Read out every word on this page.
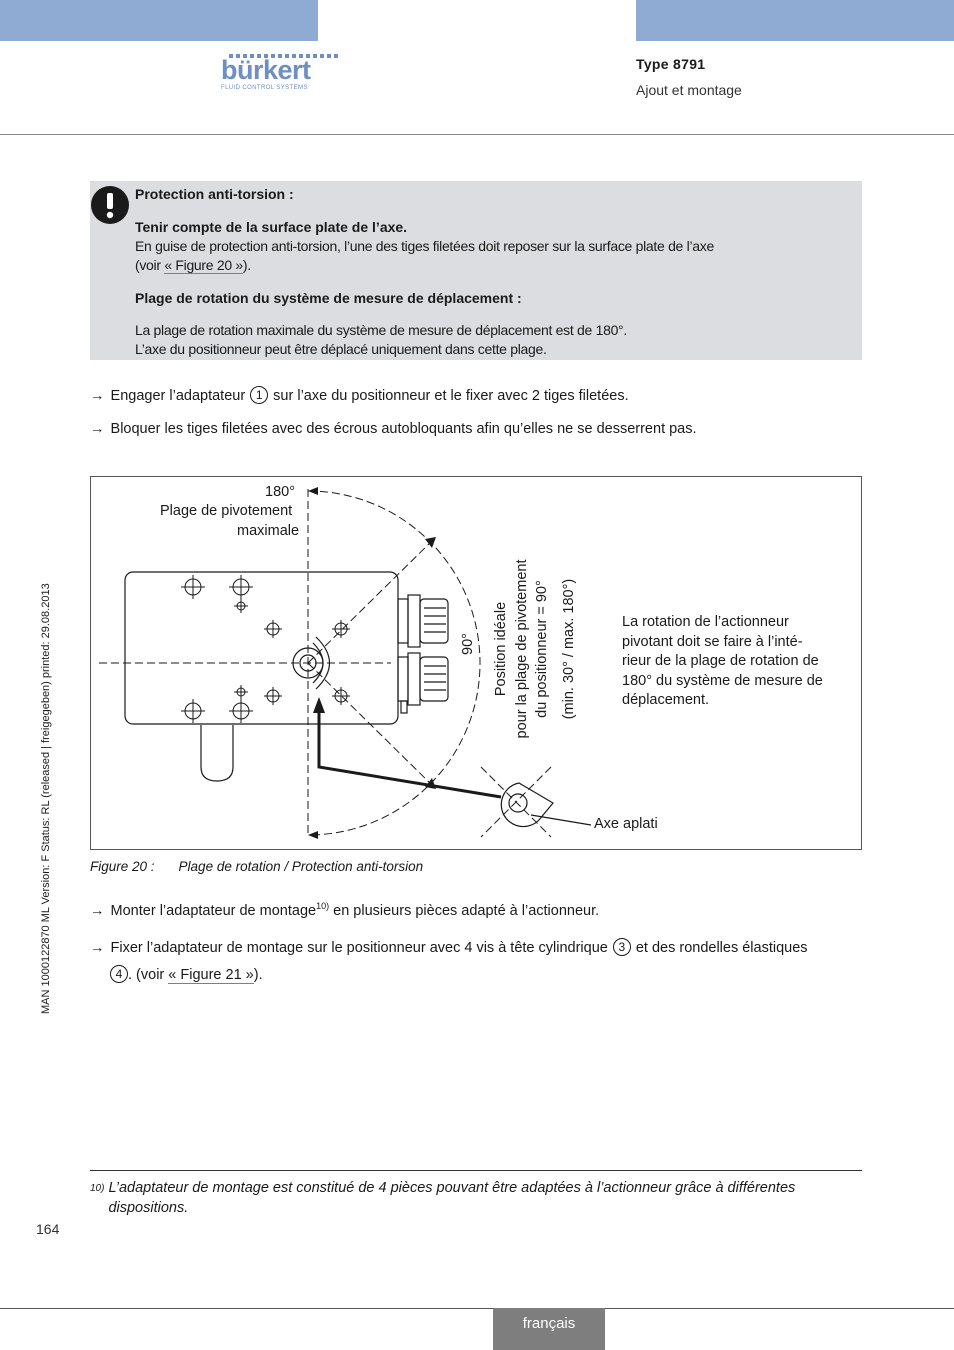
bürkert
FLUID CONTROL SYSTEMS
Type 8791
Ajout et montage
MAN 1000122870 ML Version: F Status: RL (released | freigegeben) printed: 29.08.2013
Protection anti-torsion :
Tenir compte de la surface plate de l’axe.
En guise de protection anti-torsion, l’une des tiges filetées doit reposer sur la surface plate de l’axe
(voir « Figure 20 »).
Plage de rotation du système de mesure de déplacement :
La plage de rotation maximale du système de mesure de déplacement est de 180°.
L’axe du positionneur peut être déplacé uniquement dans cette plage.
→ Engager l’adaptateur 1 sur l’axe du positionneur et le fixer avec 2 tiges filetées.
→ Bloquer les tiges filetées avec des écrous autobloquants afin qu’elles ne se desserrent pas.
180°
Plage de pivotement
maximale
90° Position idéale pour la plage de pivotement du positionneur = 90° (min. 30° / max. 180°)	La rotation de l’actionneur
pivotant doit se faire à l’inté-
rieur de la plage de rotation de
180° du système de mesure de
déplacement.
Axe aplati
Figure 20 : Plage de rotation / Protection anti-torsion
→ Monter l’adaptateur de montage$^{10)}$ en plusieurs pièces adapté à l’actionneur.
→ Fixer l’adaptateur de montage sur le positionneur avec 4 vis à tête cylindrique 3 et des rondelles élastiques
4 . (voir « Figure 21 »).
10) L’adaptateur de montage est constitué de 4 pièces pouvant être adaptées à l’actionneur grâce à différentes dispositions.
164
français
